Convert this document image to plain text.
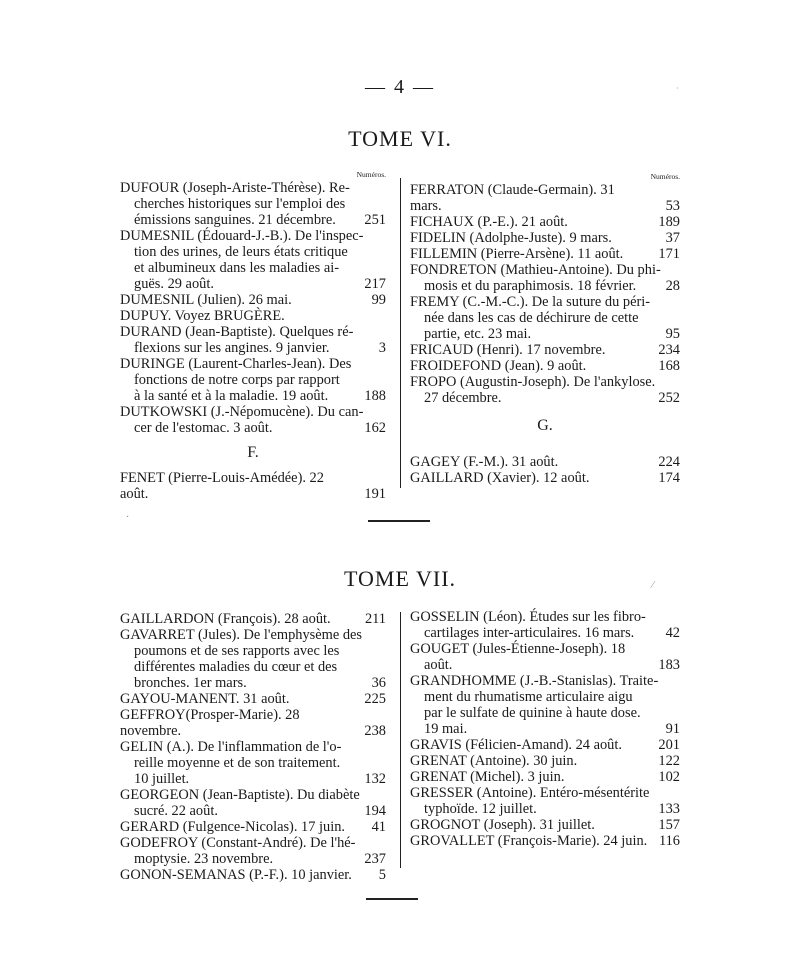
— 4 —
TOME VI.
Numéros.
DUFOUR (Joseph-Ariste-Thérèse). Re-
cherches historiques sur l'emploi des
émissions sanguines. 21 décembre.	251
DUMESNIL (Édouard-J.-B.). De l'inspec-
tion des urines, de leurs états critique
et albumineux dans les maladies ai-
guës. 29 août.	217
DUMESNIL (Julien). 26 mai.	99
DUPUY. Voyez BRUGÈRE.
DURAND (Jean-Baptiste). Quelques ré-
flexions sur les angines. 9 janvier.	3
DURINGE (Laurent-Charles-Jean). Des
fonctions de notre corps par rapport
à la santé et à la maladie. 19 août.	188
DUTKOWSKI (J.-Népomucène). Du can-
cer de l'estomac. 3 août.	162
F.
FENET (Pierre-Louis-Amédée). 22 août.	191
Numéros.
FERRATON (Claude-Germain). 31 mars.	53
FICHAUX (P.-E.). 21 août.	189
FIDELIN (Adolphe-Juste). 9 mars.	37
FILLEMIN (Pierre-Arsène). 11 août.	171
FONDRETON (Mathieu-Antoine). Du phi-
mosis et du paraphimosis. 18 février.	28
FREMY (C.-M.-C.). De la suture du péri-
née dans les cas de déchirure de cette
partie, etc. 23 mai.	95
FRICAUD (Henri). 17 novembre.	234
FROIDEFOND (Jean). 9 août.	168
FROPO (Augustin-Joseph). De l'ankylose.
27 décembre.	252
G.
GAGEY (F.-M.). 31 août.	224
GAILLARD (Xavier). 12 août.	174
TOME VII.
GAILLARDON (François). 28 août.	211
GAVARRET (Jules). De l'emphysème des
poumons et de ses rapports avec les
différentes maladies du cœur et des
bronches. 1er mars.	36
GAYOU-MANENT. 31 août.	225
GEFFROY(Prosper-Marie). 28 novembre.	238
GELIN (A.). De l'inflammation de l'o-
reille moyenne et de son traitement.
10 juillet.	132
GEORGEON (Jean-Baptiste). Du diabète
sucré. 22 août.	194
GERARD (Fulgence-Nicolas). 17 juin.	41
GODEFROY (Constant-André). De l'hé-
moptysie. 23 novembre.	237
GONON-SEMANAS (P.-F.). 10 janvier.	5
GOSSELIN (Léon). Études sur les fibro-
cartilages inter-articulaires. 16 mars.	42
GOUGET (Jules-Étienne-Joseph). 18
août.	183
GRANDHOMME (J.-B.-Stanislas). Traite-
ment du rhumatisme articulaire aigu
par le sulfate de quinine à haute dose.
19 mai.	91
GRAVIS (Félicien-Amand). 24 août.	201
GRENAT (Antoine). 30 juin.	122
GRENAT (Michel). 3 juin.	102
GRESSER (Antoine). Entéro-mésentérite
typhoïde. 12 juillet.	133
GROGNOT (Joseph). 31 juillet.	157
GROVALLET (François-Marie). 24 juin. 116
·
·
⁄
